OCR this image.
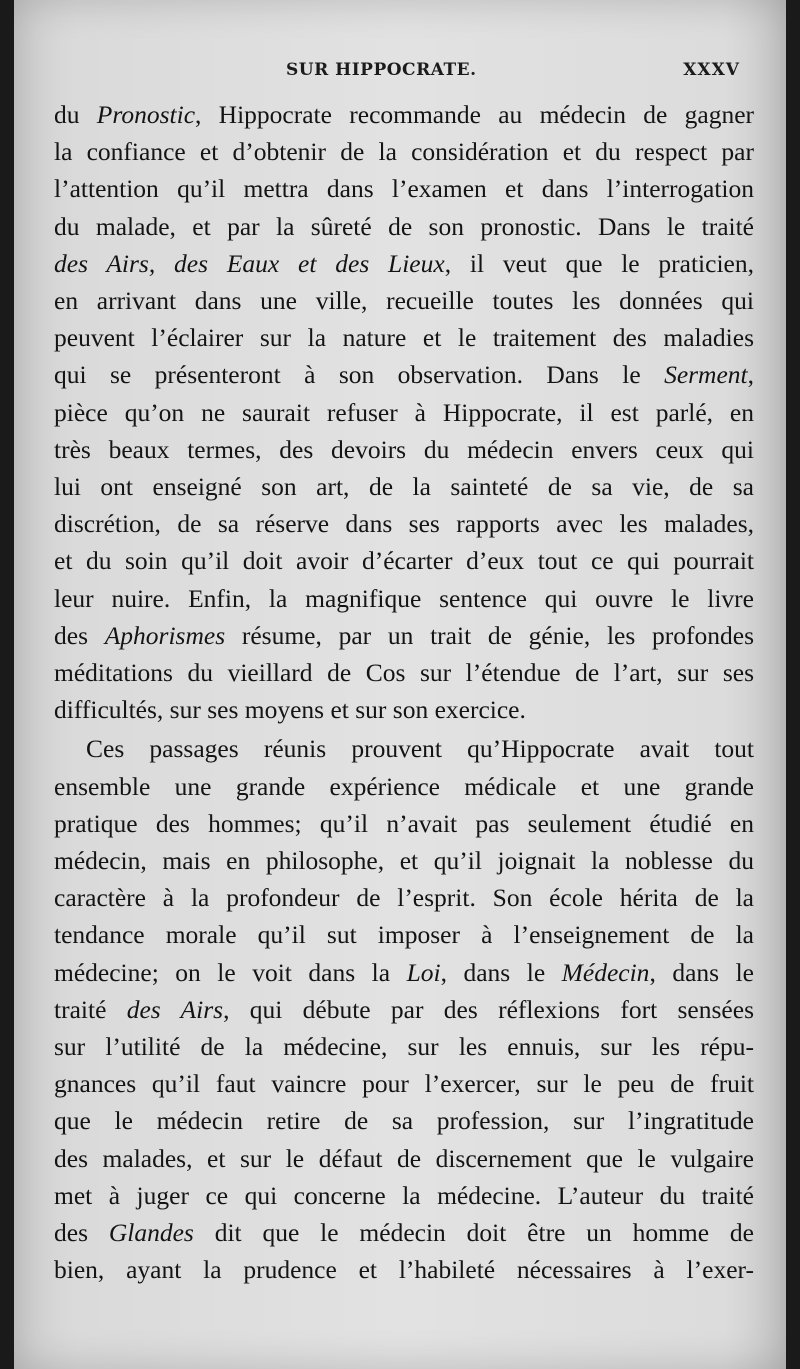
SUR HIPPOCRATE.	XXXV
du Pronostic, Hippocrate recommande au médecin de gagner
la confiance et d’obtenir de la considération et du respect par
l’attention qu’il mettra dans l’examen et dans l’interrogation
du malade, et par la sûreté de son pronostic. Dans le traité
des Airs, des Eaux et des Lieux, il veut que le praticien,
en arrivant dans une ville, recueille toutes les données qui
peuvent l’éclairer sur la nature et le traitement des maladies
qui se présenteront à son observation. Dans le Serment,
pièce qu’on ne saurait refuser à Hippocrate, il est parlé, en
très beaux termes, des devoirs du médecin envers ceux qui
lui ont enseigné son art, de la sainteté de sa vie, de sa
discrétion, de sa réserve dans ses rapports avec les malades,
et du soin qu’il doit avoir d’écarter d’eux tout ce qui pourrait
leur nuire. Enfin, la magnifique sentence qui ouvre le livre
des Aphorismes résume, par un trait de génie, les profondes
méditations du vieillard de Cos sur l’étendue de l’art, sur ses
difficultés, sur ses moyens et sur son exercice.
Ces passages réunis prouvent qu’Hippocrate avait tout
ensemble une grande expérience médicale et une grande
pratique des hommes; qu’il n’avait pas seulement étudié en
médecin, mais en philosophe, et qu’il joignait la noblesse du
caractère à la profondeur de l’esprit. Son école hérita de la
tendance morale qu’il sut imposer à l’enseignement de la
médecine; on le voit dans la Loi, dans le Médecin, dans le
traité des Airs, qui débute par des réflexions fort sensées
sur l’utilité de la médecine, sur les ennuis, sur les répu-
gnances qu’il faut vaincre pour l’exercer, sur le peu de fruit
que le médecin retire de sa profession, sur l’ingratitude
des malades, et sur le défaut de discernement que le vulgaire
met à juger ce qui concerne la médecine. L’auteur du traité
des Glandes dit que le médecin doit être un homme de
bien, ayant la prudence et l’habileté nécessaires à l’exer-
